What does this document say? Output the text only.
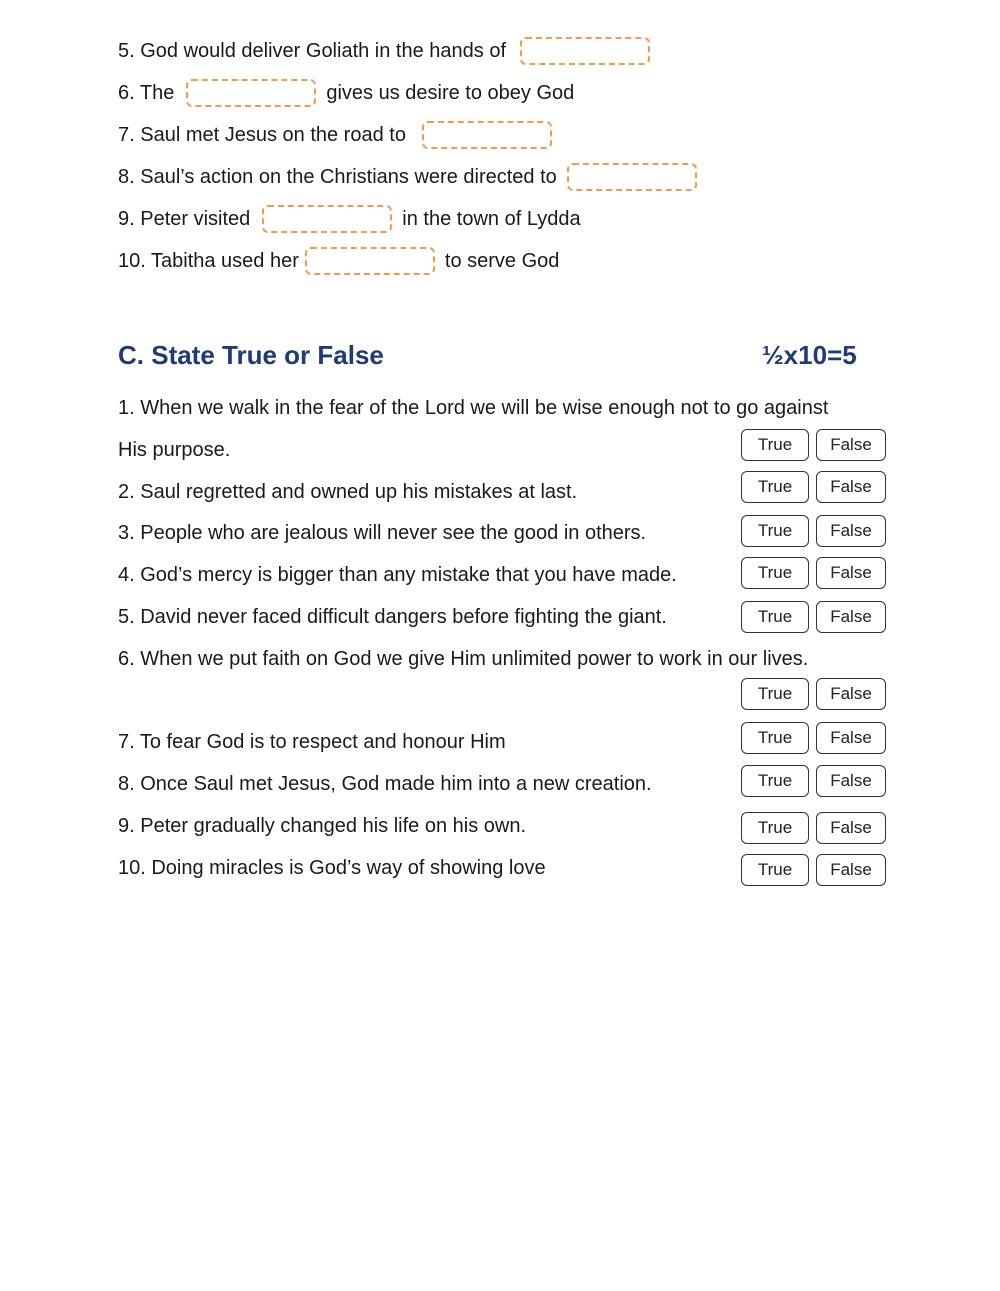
5. God would deliver Goliath in the hands of
6. The	gives us desire to obey God
7. Saul met Jesus on the road to
8. Saul’s action on the Christians were directed to
9. Peter visited	in the town of Lydda
10. Tabitha used her	to serve God
C. State True or False	½x10=5
1. When we walk in the fear of the Lord we will be wise enough not to go against
His purpose.	True	False
2. Saul regretted and owned up his mistakes at last.	True	False
3. People who are jealous will never see the good in others.	True	False
4. God’s mercy is bigger than any mistake that you have made.	True	False
5. David never faced difficult dangers before fighting the giant.	True	False
6. When we put faith on God we give Him unlimited power to work in our lives.
True	False
7. To fear God is to respect and honour Him	True	False
8. Once Saul met Jesus, God made him into a new creation.	True	False
9. Peter gradually changed his life on his own.	True	False
10. Doing miracles is God’s way of showing love	True	False
